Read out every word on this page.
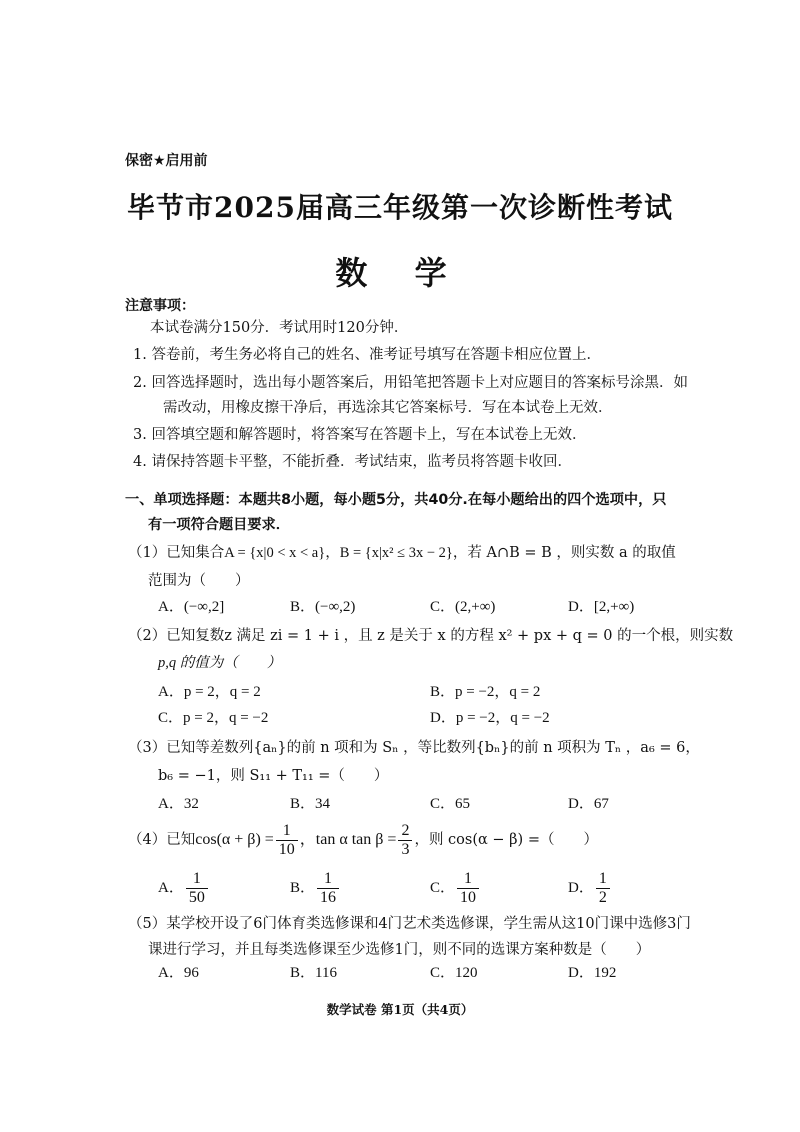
保密★启用前
毕节市2025届高三年级第一次诊断性考试
数 学
注意事项：
本试卷满分150分．考试用时120分钟．
1. 答卷前，考生务必将自己的姓名、准考证号填写在答题卡相应位置上．
2. 回答选择题时，选出每小题答案后，用铅笔把答题卡上对应题目的答案标号涂黑．如
需改动，用橡皮擦干净后，再选涂其它答案标号．写在本试卷上无效．
3. 回答填空题和解答题时，将答案写在答题卡上，写在本试卷上无效．
4. 请保持答题卡平整，不能折叠．考试结束，监考员将答题卡收回．
一、单项选择题：本题共8小题，每小题5分，共40分.在每小题给出的四个选项中，只
有一项符合题目要求．
（1）已知集合A = {x|0 < x < a}，B = {x|x² ≤ 3x − 2}，若 A∩B = B ，则实数 a 的取值
范围为（　　）
A．(−∞,2]	B．(−∞,2)	C．(2,+∞)	D．[2,+∞)
（2）已知复数z 满足 zi = 1 + i ，且 z 是关于 x 的方程 x² + px + q = 0 的一个根，则实数
p,q 的值为（　　）
A．p = 2，q = 2	B．p = −2，q = 2
C．p = 2，q = −2	D．p = −2，q = −2
（3）已知等差数列{aₙ}的前 n 项和为 Sₙ ，等比数列{bₙ}的前 n 项积为 Tₙ ，a₆ = 6，
b₆ = −1，则 S₁₁ + T₁₁ =（　　）
A．32	B．34	C．65	D．67
（4）已知$\cos(\alpha + \beta) = \frac{1}{10}$ ，tan α $\tan \beta = \frac{2}{3}$ ，则 cos(α − β) =（　　）
A． $\frac{1}{50}$	B． $\frac{1}{16}$	C． $\frac{1}{10}$	D． $\frac{1}{2}$
（5）某学校开设了6门体育类选修课和4门艺术类选修课，学生需从这10门课中选修3门
课进行学习，并且每类选修课至少选修1门，则不同的选课方案种数是（　　）
A．96	B．116	C．120	D．192
数学试卷 第1页（共4页）
